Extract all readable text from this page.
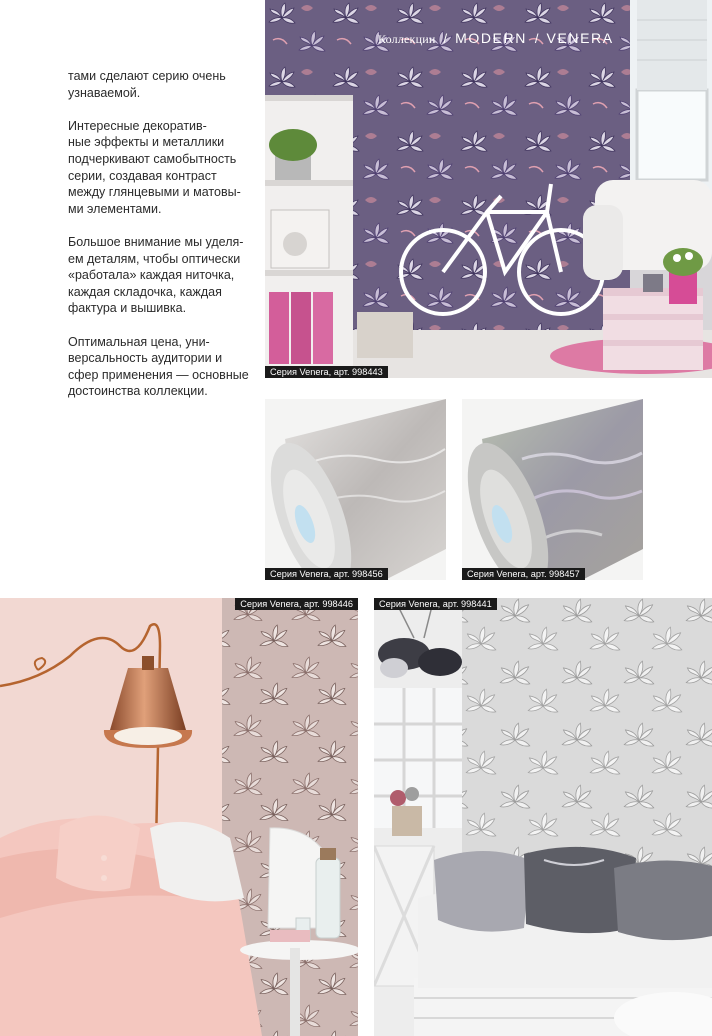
Серия Venera, арт. 998443
Коллекции / MODERN / VENERA

тами сделают серию очень
узнаваемой.

Интересные декоратив-
ные эффекты и металлики
подчеркивают самобытность
серии, создавая контраст
между глянцевыми и матовы-
ми элементами.

Большое внимание мы уделя-
ем деталям, чтобы оптически
«работала» каждая ниточка,
каждая складочка, каждая
фактура и вышивка.

Оптимальная цена, уни-
версальность аудитории и
сфер применения — основные
достоинства коллекции.

Серия Venera, арт. 998456	Серия Venera, арт. 998457
Серия Venera, арт. 998446	Серия Venera, арт. 998441
